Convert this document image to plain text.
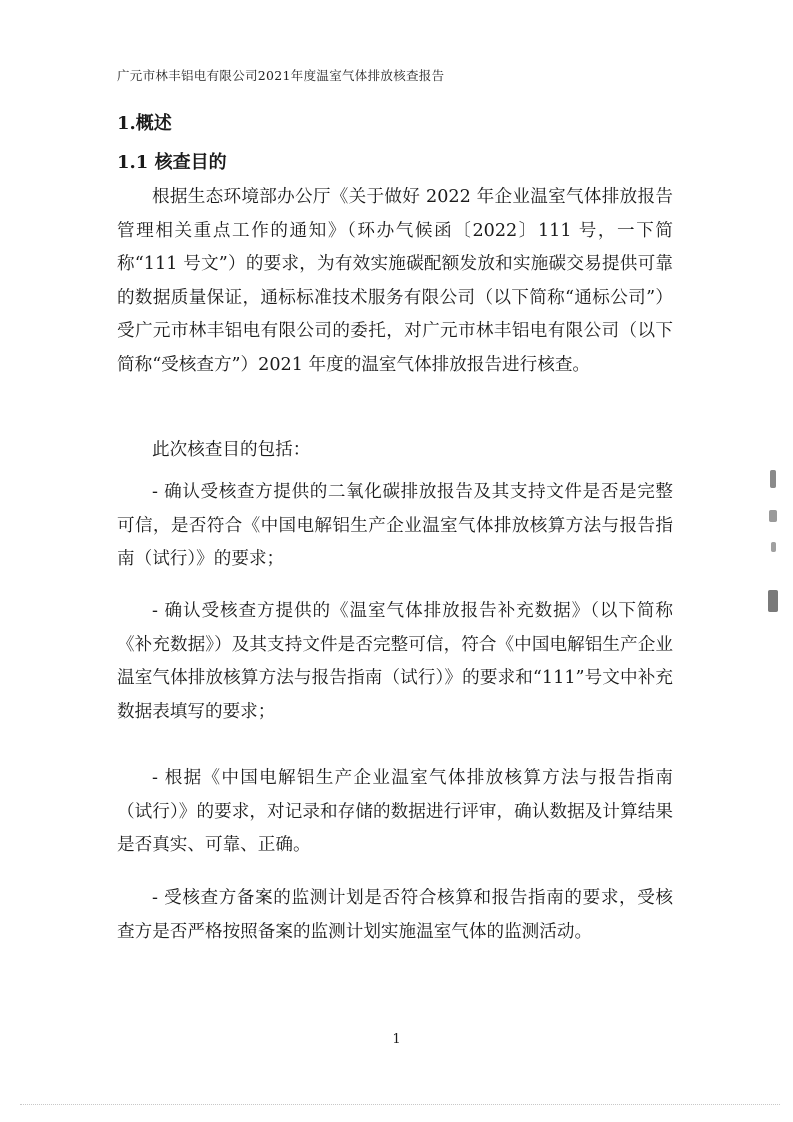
广元市林丰铝电有限公司2021年度温室气体排放核查报告
1.概述
1.1 核查目的

根据生态环境部办公厅《关于做好 2022 年企业温室气体排放报告管理相关重点工作的通知》（环办气候函〔2022〕111 号，一下简称“111 号文”）的要求，为有效实施碳配额发放和实施碳交易提供可靠的数据质量保证，通标标准技术服务有限公司（以下简称“通标公司”）受广元市林丰铝电有限公司的委托，对广元市林丰铝电有限公司（以下简称“受核查方”）2021 年度的温室气体排放报告进行核查。

此次核查目的包括：

- 确认受核查方提供的二氧化碳排放报告及其支持文件是否是完整可信，是否符合《中国电解铝生产企业温室气体排放核算方法与报告指南（试行）》的要求；

- 确认受核查方提供的《温室气体排放报告补充数据》（以下简称《补充数据》）及其支持文件是否完整可信，符合《中国电解铝生产企业温室气体排放核算方法与报告指南（试行）》的要求和“111”号文中补充数据表填写的要求；

- 根据《中国电解铝生产企业温室气体排放核算方法与报告指南（试行）》的要求，对记录和存储的数据进行评审，确认数据及计算结果是否真实、可靠、正确。

- 受核查方备案的监测计划是否符合核算和报告指南的要求，受核查方是否严格按照备案的监测计划实施温室气体的监测活动。

1
